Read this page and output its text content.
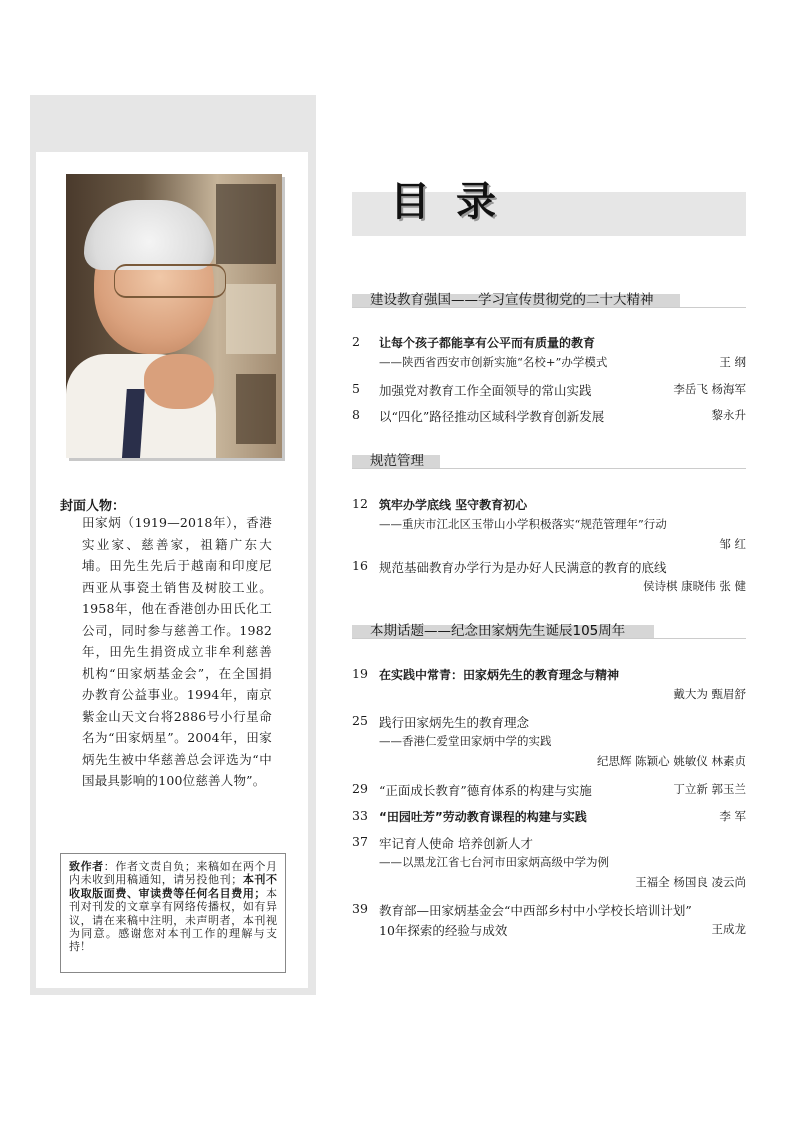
封面人物：
田家炳（1919—2018年），香港实业家、慈善家，祖籍广东大埔。田先生先后于越南和印度尼西亚从事瓷土销售及树胶工业。1958年，他在香港创办田氏化工公司，同时参与慈善工作。1982年，田先生捐资成立非牟利慈善机构“田家炳基金会”，在全国捐办教育公益事业。1994年，南京紫金山天文台将2886号小行星命名为“田家炳星”。2004年，田家炳先生被中华慈善总会评选为“中国最具影响的100位慈善人物”。
致作者：作者文责自负；来稿如在两个月内未收到用稿通知，请另投他刊；本刊不收取版面费、审读费等任何名目费用；本刊对刊发的文章享有网络传播权，如有异议，请在来稿中注明，未声明者，本刊视为同意。感谢您对本刊工作的理解与支持！
目录
建设教育强国——学习宣传贯彻党的二十大精神
2 让每个孩子都能享有公平而有质量的教育
——陕西省西安市创新实施“名校+”办学模式	王 纲
5 加强党对教育工作全面领导的常山实践	李岳飞 杨海军
8 以“四化”路径推动区域科学教育创新发展	黎永升
规范管理
12 筑牢办学底线 坚守教育初心
——重庆市江北区玉带山小学积极落实“规范管理年”行动
邹 红
16 规范基础教育办学行为是办好人民满意的教育的底线
侯诗棋 康晓伟 张 健
本期话题——纪念田家炳先生诞辰105周年
19 在实践中常青：田家炳先生的教育理念与精神
戴大为 甄眉舒
25 践行田家炳先生的教育理念
——香港仁爱堂田家炳中学的实践
纪思辉 陈颖心 姚敏仪 林素贞
29 “正面成长教育”德育体系的构建与实施	丁立新 郭玉兰
33 “田园吐芳”劳动教育课程的构建与实践	李 军
37 牢记育人使命 培养创新人才
——以黑龙江省七台河市田家炳高级中学为例
王福全 杨国良 凌云尚
39 教育部—田家炳基金会“中西部乡村中小学校长培训计划”
10年探索的经验与成效	王成龙
